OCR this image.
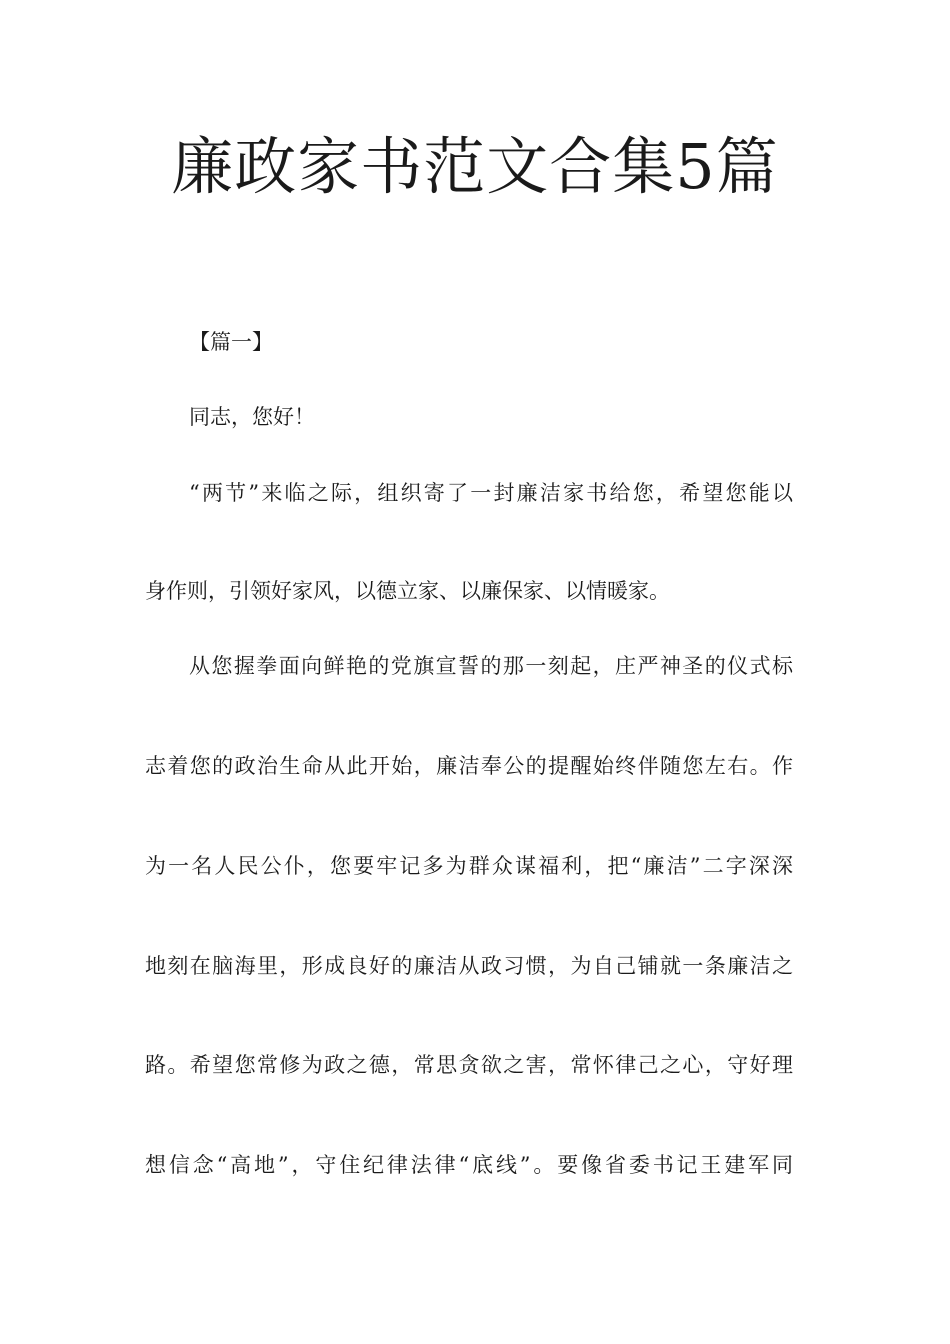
廉政家书范文合集5篇

【篇一】

同志，您好！

“两节”来临之际，组织寄了一封廉洁家书给您，希望您能以

身作则，引领好家风，以德立家、以廉保家、以情暖家。

从您握拳面向鲜艳的党旗宣誓的那一刻起，庄严神圣的仪式标

志着您的政治生命从此开始，廉洁奉公的提醒始终伴随您左右。作

为一名人民公仆，您要牢记多为群众谋福利，把“廉洁”二字深深

地刻在脑海里，形成良好的廉洁从政习惯，为自己铺就一条廉洁之

路。希望您常修为政之德，常思贪欲之害，常怀律己之心，守好理

想信念“高地”，守住纪律法律“底线”。要像省委书记王建军同
